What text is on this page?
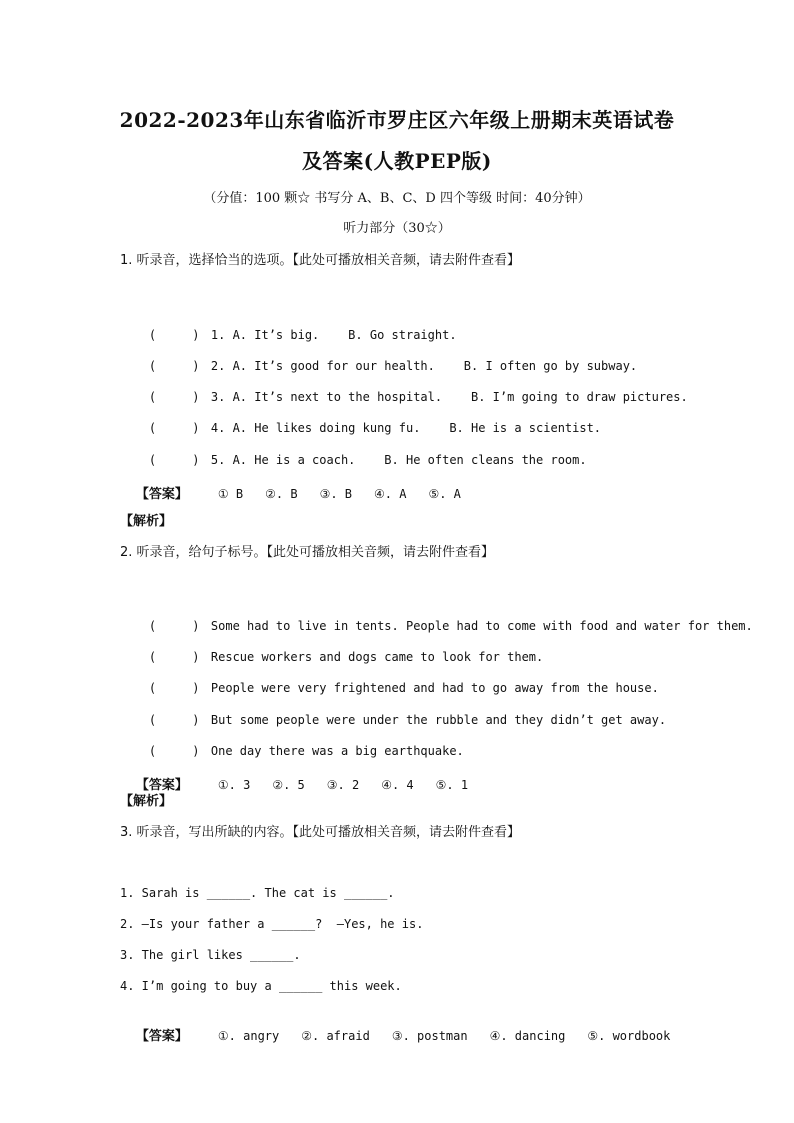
2022-2023年山东省临沂市罗庄区六年级上册期末英语试卷
及答案(人教PEP版)
（分值：100 颗☆ 书写分 A、B、C、D 四个等级 时间：40分钟）
听力部分（30☆）
1. 听录音，选择恰当的选项。【此处可播放相关音频，请去附件查看】

(     ) 1. A. It’s big.    B. Go straight.

(     ) 2. A. It’s good for our health.    B. I often go by subway.

(     ) 3. A. It’s next to the hospital.    B. I’m going to draw pictures.

(     ) 4. A. He likes doing kung fu.    B. He is a scientist.

(     ) 5. A. He is a coach.    B. He often cleans the room.

【答案】 ① B ②. B ③. B ④. A ⑤. A

【解析】
2. 听录音，给句子标号。【此处可播放相关音频，请去附件查看】

(     ) Some had to live in tents. People had to come with food and water for them.

(     ) Rescue workers and dogs came to look for them.

(     ) People were very frightened and had to go away from the house.

(     ) But some people were under the rubble and they didn’t get away.

(     ) One day there was a big earthquake.

【答案】 ①. 3 ②. 5 ③. 2 ④. 4 ⑤. 1

【解析】
3. 听录音，写出所缺的内容。【此处可播放相关音频，请去附件查看】
1. Sarah is ______. The cat is ______.
2. —Is your father a ______?  —Yes, he is.
3. The girl likes ______.
4. I’m going to buy a ______ this week.

【答案】 ①. angry ②. afraid ③. postman ④. dancing ⑤. wordbook
